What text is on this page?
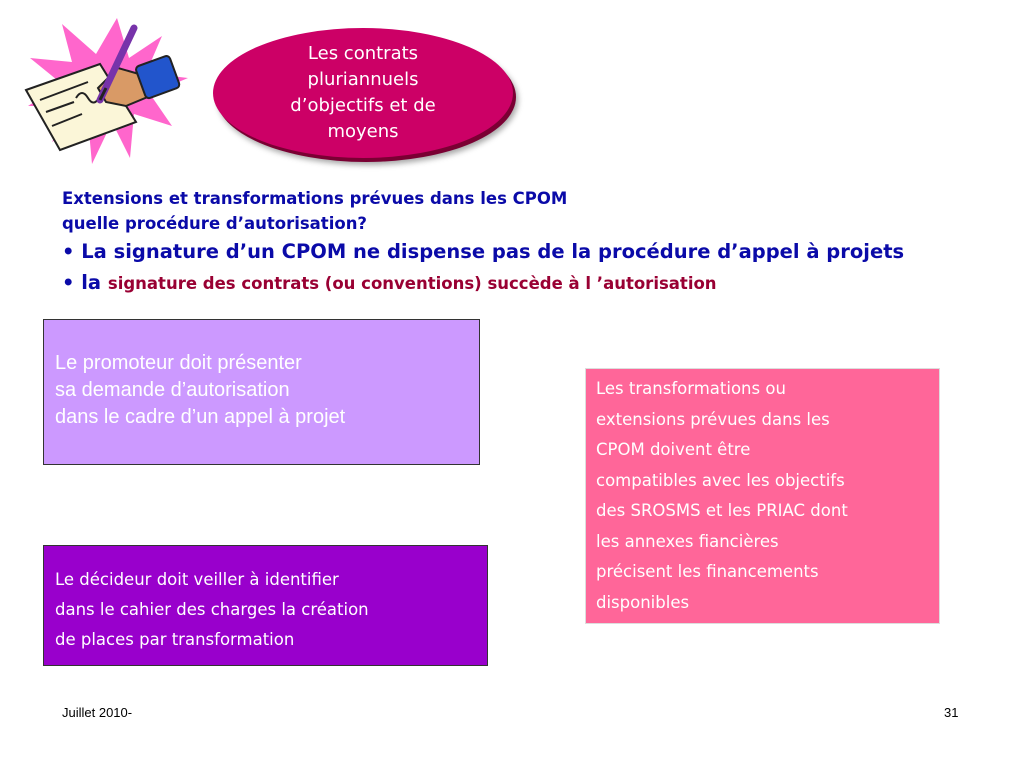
Les contrats
pluriannuels
d’objectifs et de
moyens
Extensions et transformations prévues dans les CPOM
quelle procédure d’autorisation?
• La signature d’un CPOM ne dispense pas de la procédure d’appel à projets
• la signature des contrats (ou conventions) succède à l ’autorisation
Le promoteur doit présenter
sa demande d’autorisation
dans le cadre d’un appel à projet
Le décideur doit veiller à identifier
dans le cahier des charges la création
de places par transformation
Les transformations ou
extensions prévues dans les
CPOM doivent être
compatibles avec les objectifs
des SROSMS et les PRIAC dont
les annexes fiancières
précisent les financements
disponibles
Juillet 2010-	31
